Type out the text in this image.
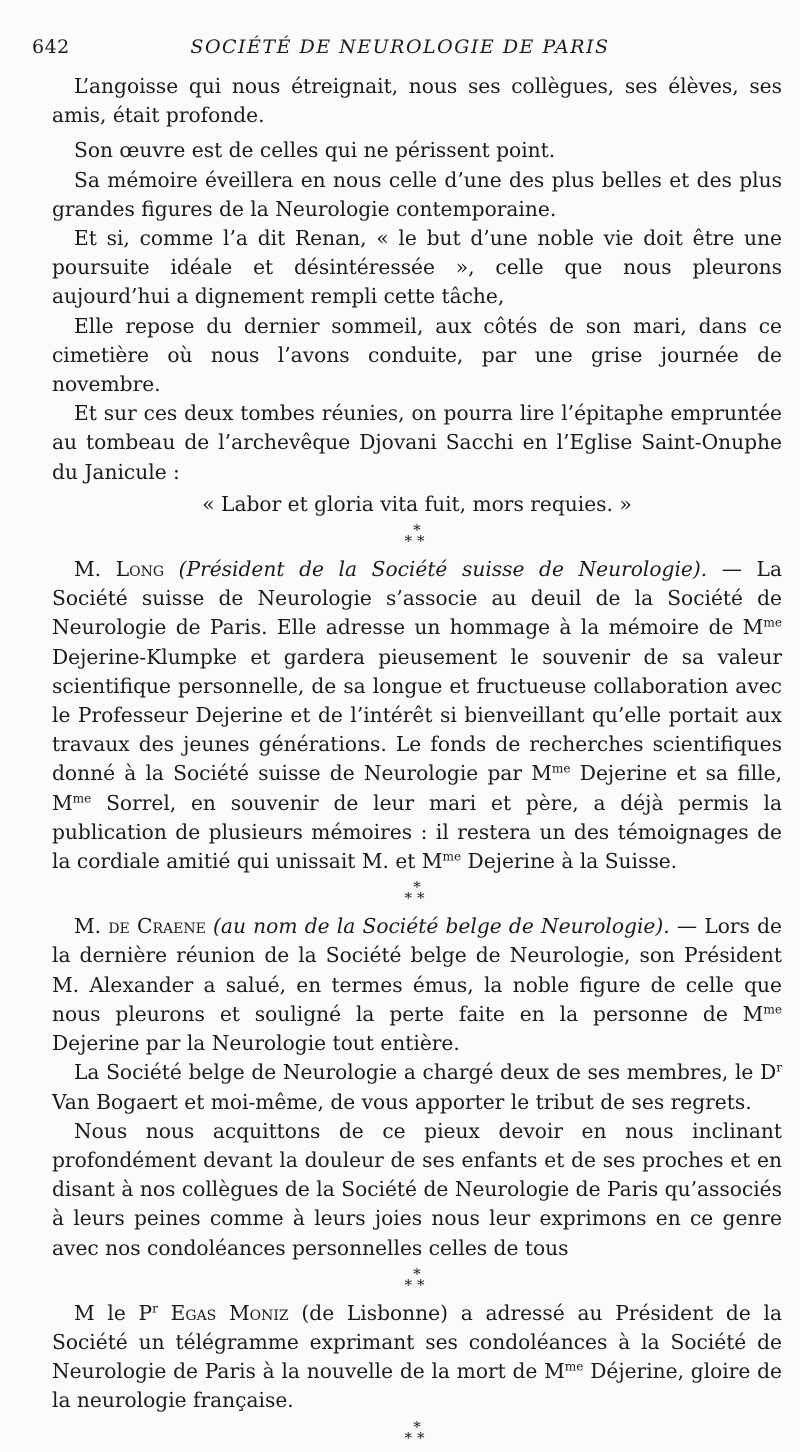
642	SOCIÉTÉ DE NEUROLOGIE DE PARIS

L’angoisse qui nous étreignait, nous ses collègues, ses élèves, ses amis, était profonde.

Son œuvre est de celles qui ne périssent point.

Sa mémoire éveillera en nous celle d’une des plus belles et des plus grandes figures de la Neurologie contemporaine.

Et si, comme l’a dit Renan, « le but d’une noble vie doit être une poursuite idéale et désintéressée », celle que nous pleurons aujourd’hui a dignement rempli cette tâche,

Elle repose du dernier sommeil, aux côtés de son mari, dans ce cimetière où nous l’avons conduite, par une grise journée de novembre.

Et sur ces deux tombes réunies, on pourra lire l’épitaphe empruntée au tombeau de l’archevêque Djovani Sacchi en l’Eglise Saint-Onuphe du Janicule :

« Labor et gloria vita fuit, mors requies. »

*
**

M. Long (Président de la Société suisse de Neurologie). — La Société suisse de Neurologie s’associe au deuil de la Société de Neurologie de Paris. Elle adresse un hommage à la mémoire de $M^{me}$ Dejerine-Klumpke et gardera pieusement le souvenir de sa valeur scientifique personnelle, de sa longue et fructueuse collaboration avec le Professeur Dejerine et de l’intérêt si bienveillant qu’elle portait aux travaux des jeunes générations. Le fonds de recherches scientifiques donné à la Société suisse de Neurologie par $M^{me}$ Dejerine et sa fille, $M^{me}$ Sorrel, en souvenir de leur mari et père, a déjà permis la publication de plusieurs mémoires : il restera un des témoignages de la cordiale amitié qui unissait M. et $M^{me}$ Dejerine à la Suisse.

*
**

M. de Craene (au nom de la Société belge de Neurologie). — Lors de la dernière réunion de la Société belge de Neurologie, son Président M. Alexander a salué, en termes émus, la noble figure de celle que nous pleurons et souligné la perte faite en la personne de $M^{me}$ Dejerine par la Neurologie tout entière.

La Société belge de Neurologie a chargé deux de ses membres, le $D^r$ Van Bogaert et moi-même, de vous apporter le tribut de ses regrets.

Nous nous acquittons de ce pieux devoir en nous inclinant profondément devant la douleur de ses enfants et de ses proches et en disant à nos collègues de la Société de Neurologie de Paris qu’associés à leurs peines comme à leurs joies nous leur exprimons en ce genre avec nos condoléances personnelles celles de tous

*
**

M le $P^r$ Egas Moniz (de Lisbonne) a adressé au Président de la Société un télégramme exprimant ses condoléances à la Société de Neurologie de Paris à la nouvelle de la mort de $M^{me}$ Déjerine, gloire de la neurologie française.

*
**
